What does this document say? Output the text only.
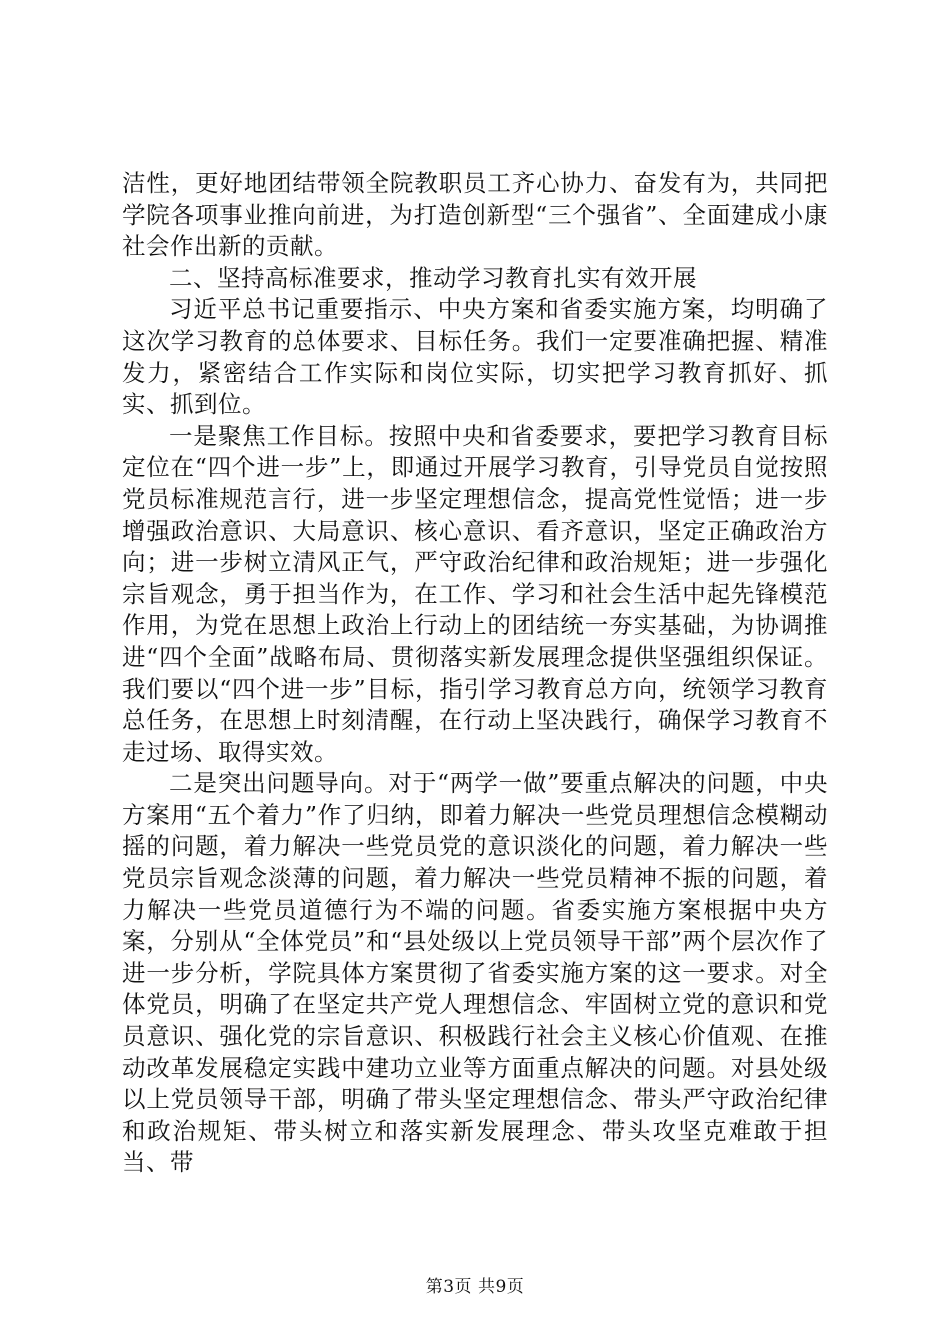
洁性，更好地团结带领全院教职员工齐心协力、奋发有为，共同把学院各项事业推向前进，为打造创新型“三个强省”、全面建成小康社会作出新的贡献。

二、坚持高标准要求，推动学习教育扎实有效开展

习近平总书记重要指示、中央方案和省委实施方案，均明确了这次学习教育的总体要求、目标任务。我们一定要准确把握、精准发力，紧密结合工作实际和岗位实际，切实把学习教育抓好、抓实、抓到位。

一是聚焦工作目标。按照中央和省委要求，要把学习教育目标定位在“四个进一步”上，即通过开展学习教育，引导党员自觉按照党员标准规范言行，进一步坚定理想信念，提高党性觉悟；进一步增强政治意识、大局意识、核心意识、看齐意识，坚定正确政治方向；进一步树立清风正气，严守政治纪律和政治规矩；进一步强化宗旨观念，勇于担当作为，在工作、学习和社会生活中起先锋模范作用，为党在思想上政治上行动上的团结统一夯实基础，为协调推进“四个全面”战略布局、贯彻落实新发展理念提供坚强组织保证。我们要以“四个进一步”目标，指引学习教育总方向，统领学习教育总任务，在思想上时刻清醒，在行动上坚决践行，确保学习教育不走过场、取得实效。

二是突出问题导向。对于“两学一做”要重点解决的问题，中央方案用“五个着力”作了归纳，即着力解决一些党员理想信念模糊动摇的问题，着力解决一些党员党的意识淡化的问题，着力解决一些党员宗旨观念淡薄的问题，着力解决一些党员精神不振的问题，着力解决一些党员道德行为不端的问题。省委实施方案根据中央方案，分别从“全体党员”和“县处级以上党员领导干部”两个层次作了进一步分析，学院具体方案贯彻了省委实施方案的这一要求。对全体党员，明确了在坚定共产党人理想信念、牢固树立党的意识和党员意识、强化党的宗旨意识、积极践行社会主义核心价值观、在推动改革发展稳定实践中建功立业等方面重点解决的问题。对县处级以上党员领导干部，明确了带头坚定理想信念、带头严守政治纪律和政治规矩、带头树立和落实新发展理念、带头攻坚克难敢于担当、带

第3页 共9页
